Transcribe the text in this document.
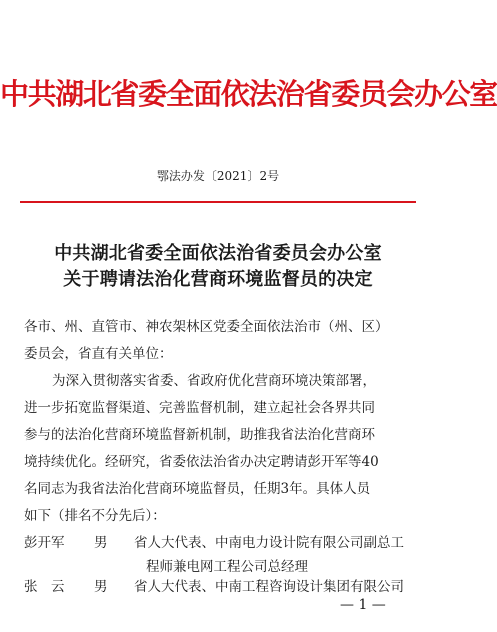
中共湖北省委全面依法治省委员会办公室
鄂法办发〔2021〕2号
中共湖北省委全面依法治省委员会办公室
关于聘请法治化营商环境监督员的决定
各市、州、直管市、神农架林区党委全面依法治市（州、区）
委员会，省直有关单位：
为深入贯彻落实省委、省政府优化营商环境决策部署，
进一步拓宽监督渠道、完善监督机制，建立起社会各界共同
参与的法治化营商环境监督新机制，助推我省法治化营商环
境持续优化。经研究，省委依法治省办决定聘请彭开军等40
名同志为我省法治化营商环境监督员，任期3年。具体人员
如下（排名不分先后）：
彭开军 男 省人大代表、中南电力设计院有限公司副总工
程师兼电网工程公司总经理
张　云 男 省人大代表、中南工程咨询设计集团有限公司
— 1 —
